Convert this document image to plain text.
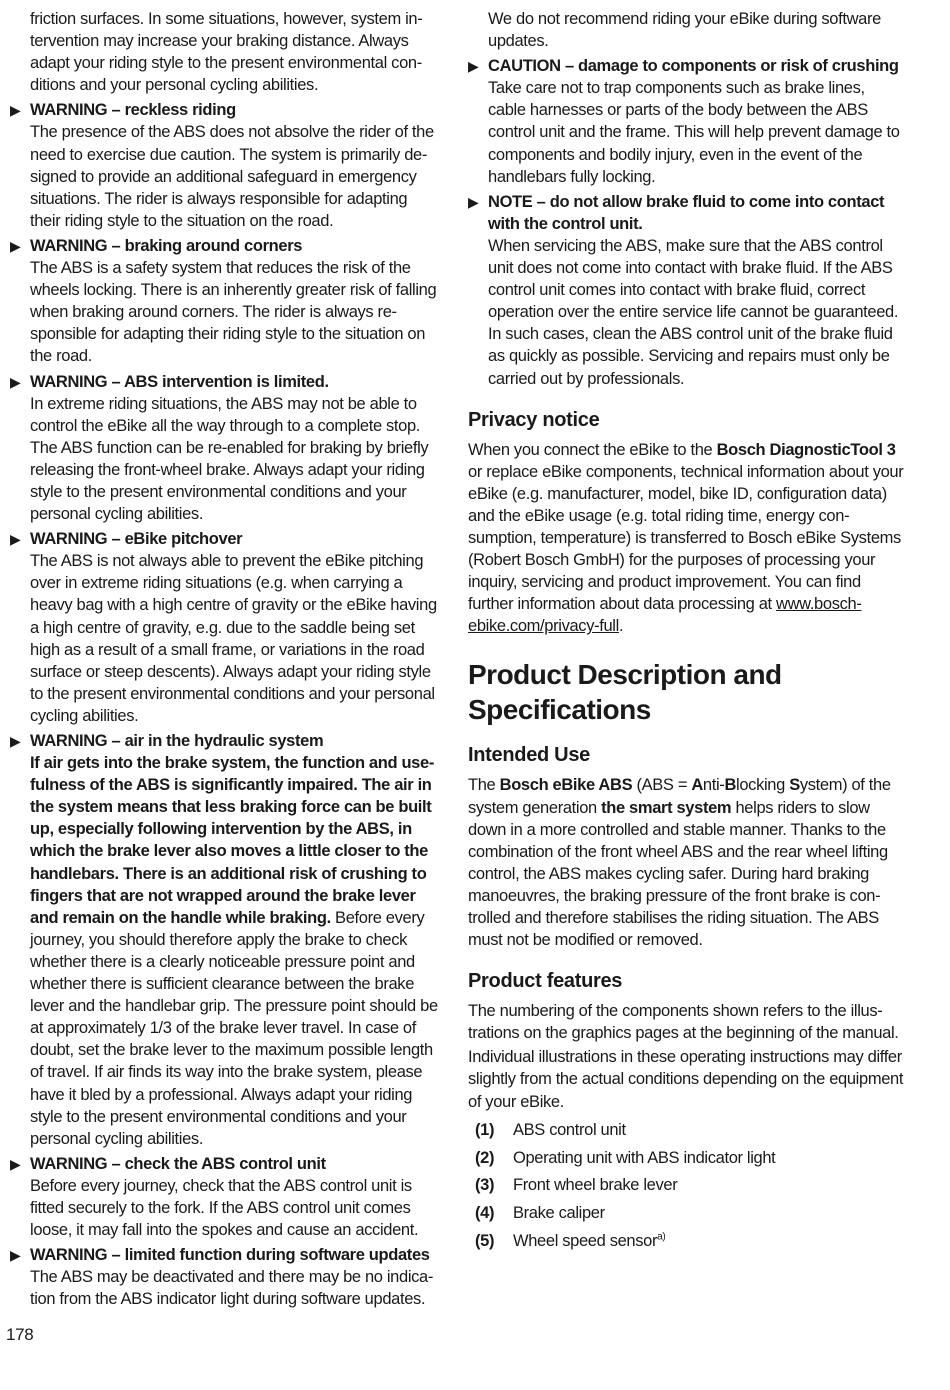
friction surfaces. In some situations, however, system intervention may increase your braking distance. Always adapt your riding style to the present environmental conditions and your personal cycling abilities.

▶ WARNING – reckless riding

The presence of the ABS does not absolve the rider of the need to exercise due caution. The system is primarily designed to provide an additional safeguard in emergency situations. The rider is always responsible for adapting their riding style to the situation on the road.

▶ WARNING – braking around corners

The ABS is a safety system that reduces the risk of the wheels locking. There is an inherently greater risk of falling when braking around corners. The rider is always responsible for adapting their riding style to the situation on the road.

▶ WARNING – ABS intervention is limited.

In extreme riding situations, the ABS may not be able to control the eBike all the way through to a complete stop. The ABS function can be re-enabled for braking by briefly releasing the front-wheel brake. Always adapt your riding style to the present environmental conditions and your personal cycling abilities.

▶ WARNING – eBike pitchover

The ABS is not always able to prevent the eBike pitching over in extreme riding situations (e.g. when carrying a heavy bag with a high centre of gravity or the eBike having a high centre of gravity, e.g. due to the saddle being set high as a result of a small frame, or variations in the road surface or steep descents). Always adapt your riding style to the present environmental conditions and your personal cycling abilities.

▶ WARNING – air in the hydraulic system

If air gets into the brake system, the function and usefulness of the ABS is significantly impaired. The air in the system means that less braking force can be built up, especially following intervention by the ABS, in which the brake lever also moves a little closer to the handlebars. There is an additional risk of crushing to fingers that are not wrapped around the brake lever and remain on the handle while braking. Before every journey, you should therefore apply the brake to check whether there is a clearly noticeable pressure point and whether there is sufficient clearance between the brake lever and the handlebar grip. The pressure point should be at approximately 1/3 of the brake lever travel. In case of doubt, set the brake lever to the maximum possible length of travel. If air finds its way into the brake system, please have it bled by a professional. Always adapt your riding style to the present environmental conditions and your personal cycling abilities.

▶ WARNING – check the ABS control unit

Before every journey, check that the ABS control unit is fitted securely to the fork. If the ABS control unit comes loose, it may fall into the spokes and cause an accident.

▶ WARNING – limited function during software updates

The ABS may be deactivated and there may be no indication from the ABS indicator light during software updates.

We do not recommend riding your eBike during software updates.

▶ CAUTION – damage to components or risk of crushing

Take care not to trap components such as brake lines, cable harnesses or parts of the body between the ABS control unit and the frame. This will help prevent damage to components and bodily injury, even in the event of the handlebars fully locking.

▶ NOTE – do not allow brake fluid to come into contact with the control unit.

When servicing the ABS, make sure that the ABS control unit does not come into contact with brake fluid. If the ABS control unit comes into contact with brake fluid, correct operation over the entire service life cannot be guaranteed. In such cases, clean the ABS control unit of the brake fluid as quickly as possible. Servicing and repairs must only be carried out by professionals.

Privacy notice

When you connect the eBike to the Bosch DiagnosticTool 3 or replace eBike components, technical information about your eBike (e.g. manufacturer, model, bike ID, configuration data) and the eBike usage (e.g. total riding time, energy consumption, temperature) is transferred to Bosch eBike Systems (Robert Bosch GmbH) for the purposes of processing your inquiry, servicing and product improvement. You can find further information about data processing at www.bosch-ebike.com/privacy-full.

Product Description and Specifications
Intended Use

The Bosch eBike ABS (ABS = Anti-Blocking System) of the system generation the smart system helps riders to slow down in a more controlled and stable manner. Thanks to the combination of the front wheel ABS and the rear wheel lifting control, the ABS makes cycling safer. During hard braking manoeuvres, the braking pressure of the front brake is controlled and therefore stabilises the riding situation. The ABS must not be modified or removed.

Product features

The numbering of the components shown refers to the illustrations on the graphics pages at the beginning of the manual.

Individual illustrations in these operating instructions may differ slightly from the actual conditions depending on the equipment of your eBike.

(1)	ABS control unit
(2)	Operating unit with ABS indicator light
(3)	Front wheel brake lever
(4)	Brake caliper
(5)	Wheel speed sensor$^{a)}$
178
